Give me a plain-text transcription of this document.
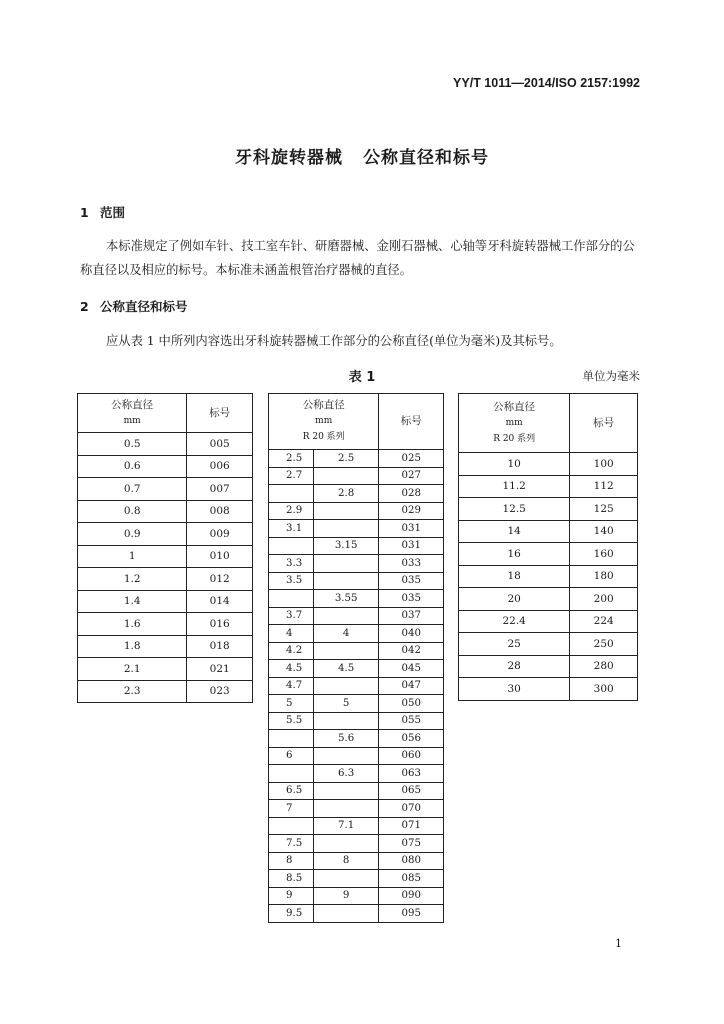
YY/T 1011—2014/ISO 2157:1992
牙科旋转器械 公称直径和标号
1 范围
本标准规定了例如车针、技工室车针、研磨器械、金刚石器械、心轴等牙科旋转器械工作部分的公称直径以及相应的标号。本标准未涵盖根管治疗器械的直径。
2 公称直径和标号
应从表 1 中所列内容选出牙科旋转器械工作部分的公称直径(单位为毫米)及其标号。
表 1	单位为毫米
公称直径
mm	标号
0.5	005
0.6	006
0.7	007
0.8	008
0.9	009
1	010
1.2	012
1.4	014
1.6	016
1.8	018
2.1	021
2.3	023
公称直径
mm
R 20 系列		标号
2.5	2.5	025
2.7		027
	2.8	028
2.9		029
3.1		031
	3.15	031
3.3		033
3.5		035
	3.55	035
3.7		037
4	4	040
4.2		042
4.5	4.5	045
4.7		047
5	5	050
5.5		055
	5.6	056
6		060
	6.3	063
6.5		065
7		070
	7.1	071
7.5		075
8	8	080
8.5		085
9	9	090
9.5		095
公称直径
mm
R 20 系列	标号
10	100
11.2	112
12.5	125
14	140
16	160
18	180
20	200
22.4	224
25	250
28	280
30	300
1
